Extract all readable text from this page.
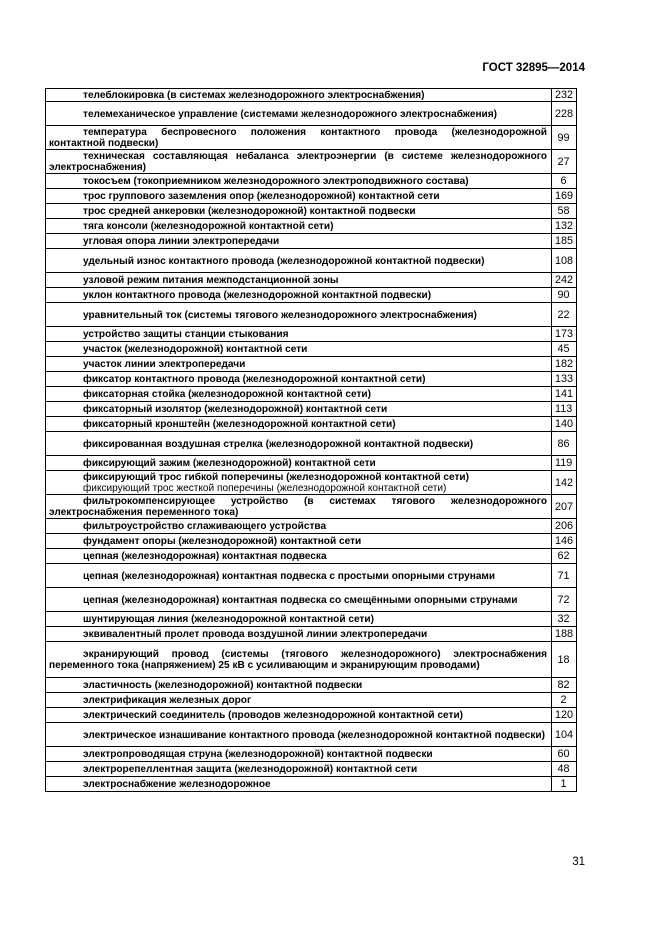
ГОСТ 32895—2014
телеблокировка (в системах железнодорожного электроснабжения)	232
телемеханическое управление (системами железнодорожного электроснабжения)	228
температура беспровесного положения контактного провода (железнодорожной контактной подвески)	99
техническая составляющая небаланса электроэнергии (в системе железнодорожного электроснабжения)	27
токосъем (токоприемником железнодорожного электроподвижного состава)	6
трос группового заземления опор (железнодорожной) контактной сети	169
трос средней анкеровки (железнодорожной) контактной подвески	58
тяга консоли (железнодорожной контактной сети)	132
угловая опора линии электропередачи	185
удельный износ контактного провода (железнодорожной контактной подвески)	108
узловой режим питания межподстанционной зоны	242
уклон контактного провода (железнодорожной контактной подвески)	90
уравнительный ток (системы тягового железнодорожного электроснабжения)	22
устройство защиты станции стыкования	173
участок (железнодорожной) контактной сети	45
участок линии электропередачи	182
фиксатор контактного провода (железнодорожной контактной сети)	133
фиксаторная стойка (железнодорожной контактной сети)	141
фиксаторный изолятор (железнодорожной) контактной сети	113
фиксаторный кронштейн (железнодорожной контактной сети)	140
фиксированная воздушная стрелка (железнодорожной контактной подвески)	86
фиксирующий зажим (железнодорожной) контактной сети	119
фиксирующий трос гибкой поперечины (железнодорожной контактной сети)
фиксирующий трос жесткой поперечины (железнодорожной контактной сети)	142
фильтрокомпенсирующее устройство (в системах тягового железнодорожного электроснабжения переменного тока)	207
фильтроустройство сглаживающего устройства	206
фундамент опоры (железнодорожной) контактной сети	146
цепная (железнодорожная) контактная подвеска	62
цепная (железнодорожная) контактная подвеска с простыми опорными струнами	71
цепная (железнодорожная) контактная подвеска со смещёнными опорными струнами	72
шунтирующая линия (железнодорожной контактной сети)	32
эквивалентный пролет провода воздушной линии электропередачи	188
экранирующий провод (системы (тягового железнодорожного) электроснабжения переменного тока (напряжением) 25 кВ с усиливающим и экранирующим проводами)	18
эластичность (железнодорожной) контактной подвески	82
электрификация железных дорог	2
электрический соединитель (проводов железнодорожной контактной сети)	120
электрическое изнашивание контактного провода (железнодорожной контактной подвески)	104
электропроводящая струна (железнодорожной) контактной подвески	60
электрорепеллентная защита (железнодорожной) контактной сети	48
электроснабжение железнодорожное	1
31
